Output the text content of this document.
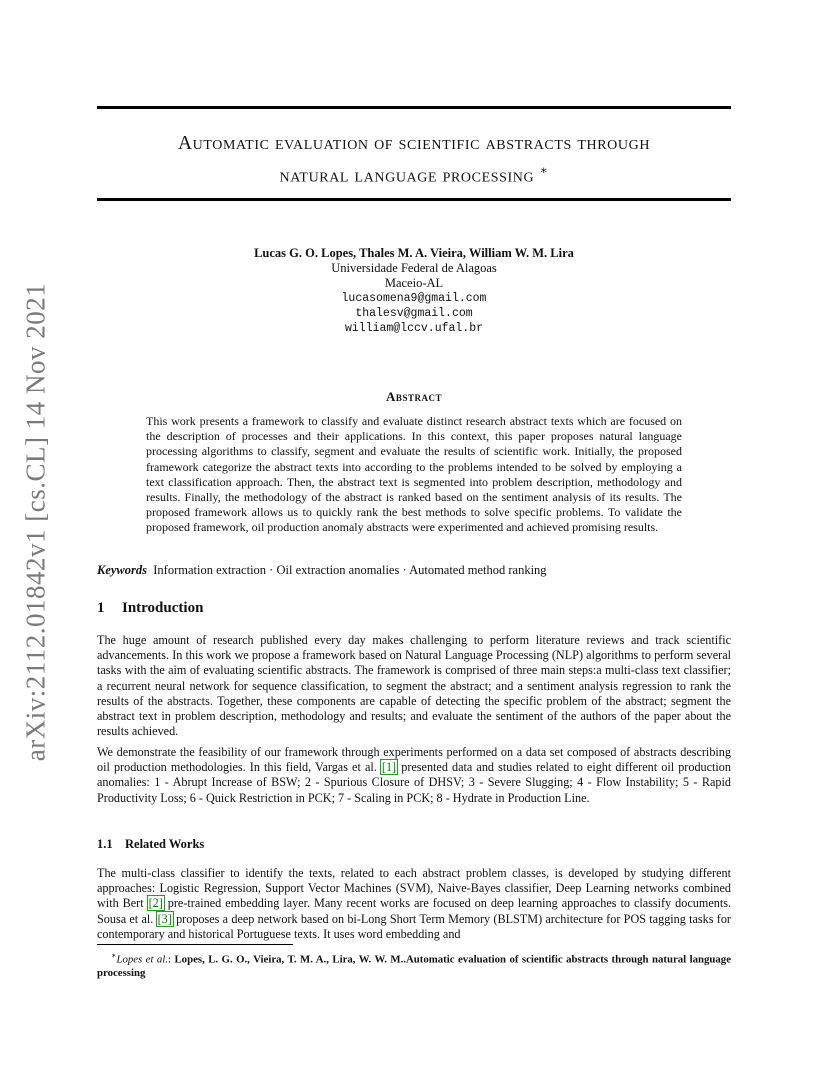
arXiv:2112.01842v1 [cs.CL] 14 Nov 2021
Automatic evaluation of scientific abstracts through
natural language processing ∗
Lucas G. O. Lopes, Thales M. A. Vieira, William W. M. Lira
Universidade Federal de Alagoas
Maceio-AL
lucasomena9@gmail.com
thalesv@gmail.com
william@lccv.ufal.br
Abstract
This work presents a framework to classify and evaluate distinct research abstract texts which are focused on the description of processes and their applications. In this context, this paper proposes natural language processing algorithms to classify, segment and evaluate the results of scientific work. Initially, the proposed framework categorize the abstract texts into according to the problems intended to be solved by employing a text classification approach. Then, the abstract text is segmented into problem description, methodology and results. Finally, the methodology of the abstract is ranked based on the sentiment analysis of its results. The proposed framework allows us to quickly rank the best methods to solve specific problems. To validate the proposed framework, oil production anomaly abstracts were experimented and achieved promising results.
Keywords Information extraction · Oil extraction anomalies · Automated method ranking
1 Introduction
The huge amount of research published every day makes challenging to perform literature reviews and track scientific advancements. In this work we propose a framework based on Natural Language Processing (NLP) algorithms to perform several tasks with the aim of evaluating scientific abstracts. The framework is comprised of three main steps:a multi-class text classifier; a recurrent neural network for sequence classification, to segment the abstract; and a sentiment analysis regression to rank the results of the abstracts. Together, these components are capable of detecting the specific problem of the abstract; segment the abstract text in problem description, methodology and results; and evaluate the sentiment of the authors of the paper about the results achieved.
We demonstrate the feasibility of our framework through experiments performed on a data set composed of abstracts describing oil production methodologies. In this field, Vargas et al. [1] presented data and studies related to eight different oil production anomalies: 1 - Abrupt Increase of BSW; 2 - Spurious Closure of DHSV; 3 - Severe Slugging; 4 - Flow Instability; 5 - Rapid Productivity Loss; 6 - Quick Restriction in PCK; 7 - Scaling in PCK; 8 - Hydrate in Production Line.
1.1 Related Works
The multi-class classifier to identify the texts, related to each abstract problem classes, is developed by studying different approaches: Logistic Regression, Support Vector Machines (SVM), Naive-Bayes classifier, Deep Learning networks combined with Bert [2] pre-trained embedding layer. Many recent works are focused on deep learning approaches to classify documents. Sousa et al. [3] proposes a deep network based on bi-Long Short Term Memory (BLSTM) architecture for POS tagging tasks for contemporary and historical Portuguese texts. It uses word embedding and
∗Lopes et al.: Lopes, L. G. O., Vieira, T. M. A., Lira, W. W. M..Automatic evaluation of scientific abstracts through natural language processing
